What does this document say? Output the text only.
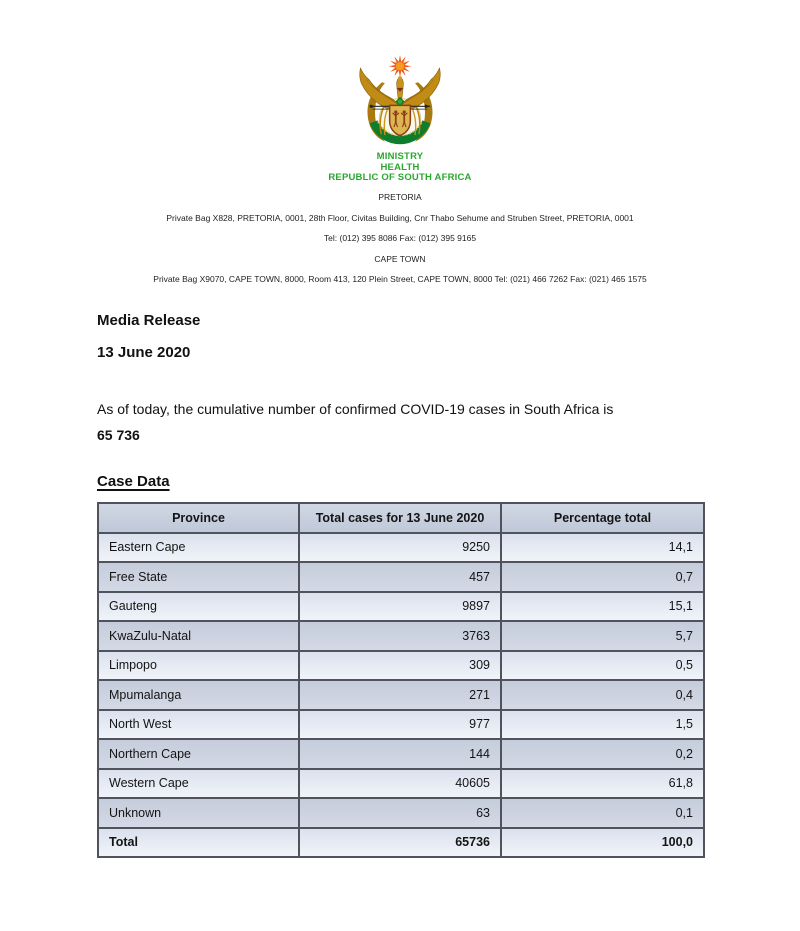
MINISTRY
HEALTH
REPUBLIC OF SOUTH AFRICA

PRETORIA

Private Bag X828, PRETORIA, 0001, 28th Floor, Civitas Building, Cnr Thabo Sehume and Struben Street, PRETORIA, 0001

Tel: (012) 395 8086 Fax: (012) 395 9165

CAPE TOWN

Private Bag X9070, CAPE TOWN, 8000, Room 413, 120 Plein Street, CAPE TOWN, 8000 Tel: (021) 466 7262 Fax: (021) 465 1575

Media Release
13 June 2020

As of today, the cumulative number of confirmed COVID-19 cases in South Africa is
65 736

Case Data
Province	Total cases for 13 June 2020	Percentage total
Eastern Cape	9250	14,1
Free State	457	0,7
Gauteng	9897	15,1
KwaZulu-Natal	3763	5,7
Limpopo	309	0,5
Mpumalanga	271	0,4
North West	977	1,5
Northern Cape	144	0,2
Western Cape	40605	61,8
Unknown	63	0,1
Total	65736	100,0
